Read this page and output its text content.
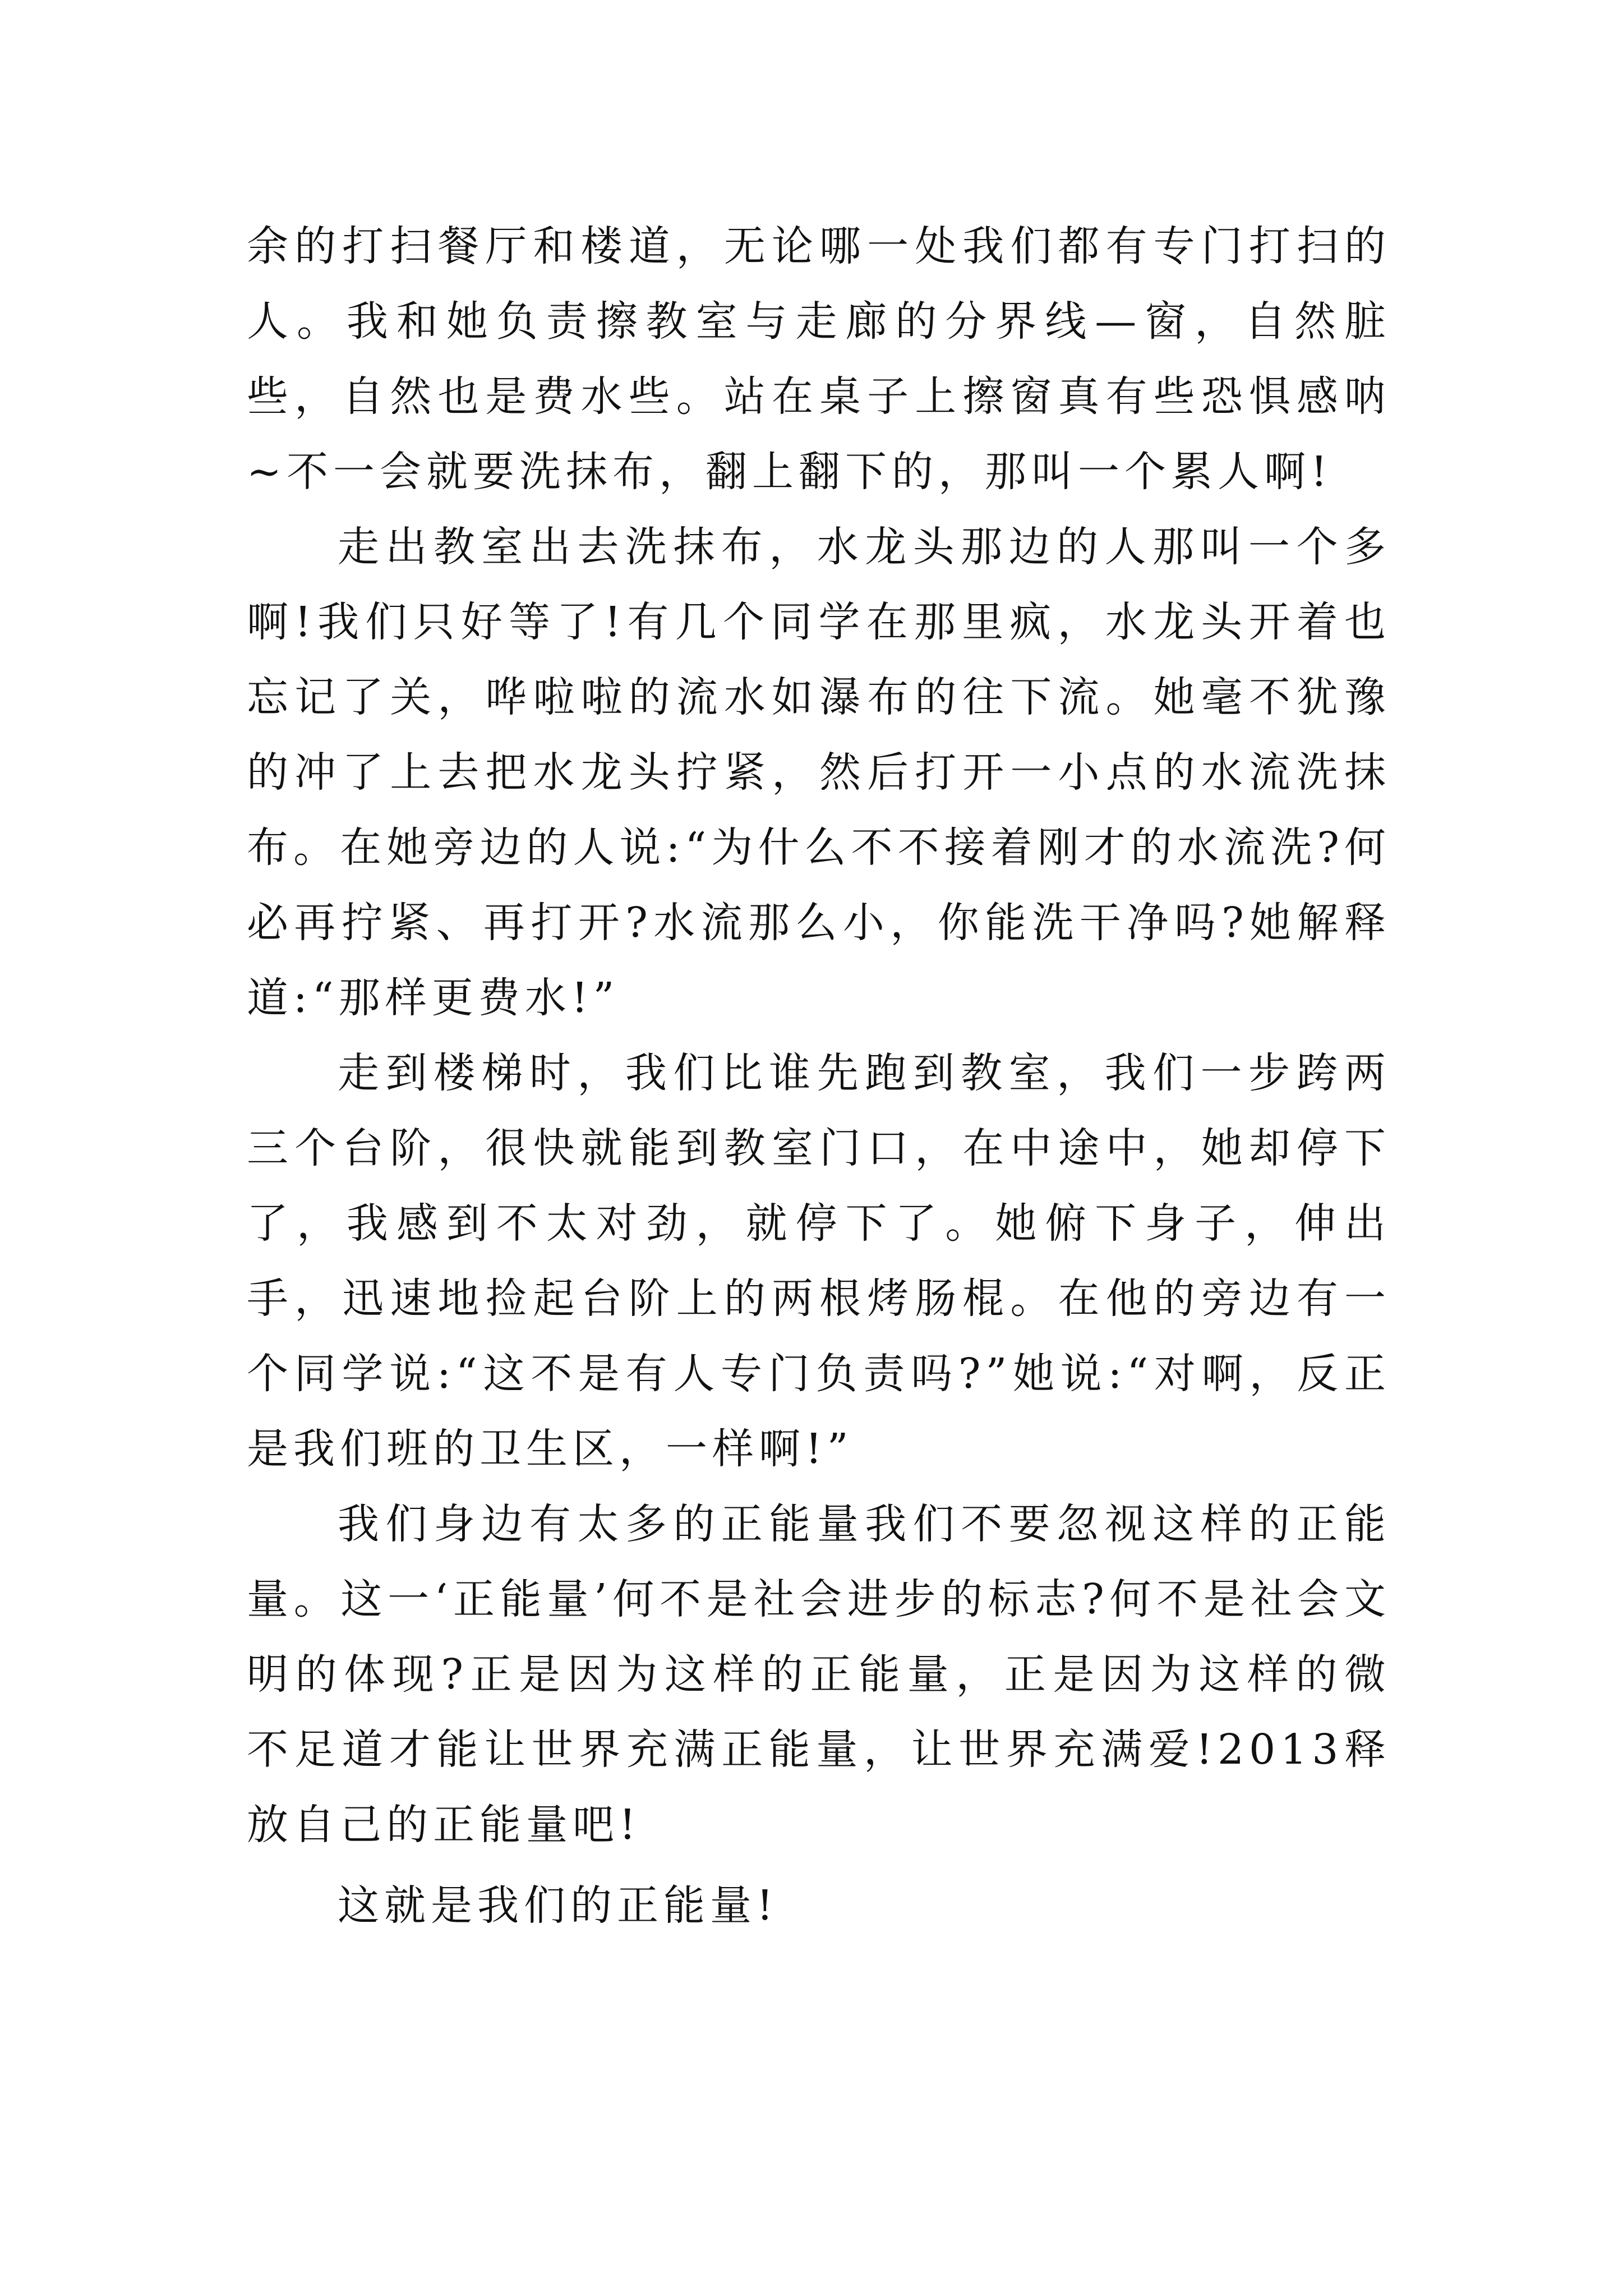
余的打扫餐厅和楼道，无论哪一处我们都有专门打扫的人。我和她负责擦教室与走廊的分界线—窗，自然脏些，自然也是费水些。站在桌子上擦窗真有些恐惧感呐~不一会就要洗抹布，翻上翻下的，那叫一个累人啊!

走出教室出去洗抹布，水龙头那边的人那叫一个多啊!我们只好等了!有几个同学在那里疯，水龙头开着也忘记了关，哗啦啦的流水如瀑布的往下流。她毫不犹豫的冲了上去把水龙头拧紧，然后打开一小点的水流洗抹布。在她旁边的人说:“为什么不不接着刚才的水流洗?何必再拧紧、再打开?水流那么小，你能洗干净吗?她解释道:“那样更费水!”

走到楼梯时，我们比谁先跑到教室，我们一步跨两三个台阶，很快就能到教室门口，在中途中，她却停下了，我感到不太对劲，就停下了。她俯下身子，伸出手，迅速地捡起台阶上的两根烤肠棍。在他的旁边有一个同学说:“这不是有人专门负责吗?”她说:“对啊，反正是我们班的卫生区，一样啊!”

我们身边有太多的正能量我们不要忽视这样的正能量。这一‘正能量’何不是社会进步的标志?何不是社会文明的体现?正是因为这样的正能量，正是因为这样的微不足道才能让世界充满正能量，让世界充满爱!2013释放自己的正能量吧!

这就是我们的正能量!
